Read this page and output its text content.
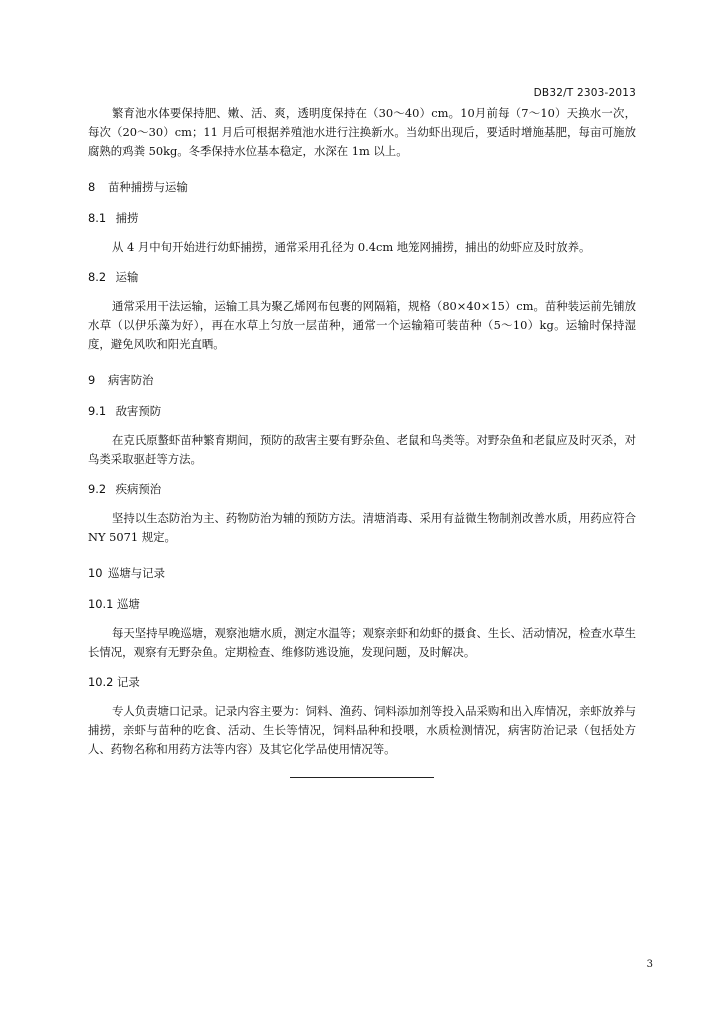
DB32/T 2303-2013

繁育池水体要保持肥、嫩、活、爽，透明度保持在（30～40）cm。10月前每（7～10）天换水一次，每次（20～30）cm；11 月后可根据养殖池水进行注换新水。当幼虾出现后，要适时增施基肥，每亩可施放腐熟的鸡粪 50kg。冬季保持水位基本稳定，水深在 1m 以上。

8 苗种捕捞与运输
8.1 捕捞

从 4 月中旬开始进行幼虾捕捞，通常采用孔径为 0.4cm 地笼网捕捞，捕出的幼虾应及时放养。

8.2 运输

通常采用干法运输，运输工具为聚乙烯网布包裹的网隔箱，规格（80×40×15）cm。苗种装运前先铺放水草（以伊乐藻为好），再在水草上匀放一层苗种，通常一个运输箱可装苗种（5～10）kg。运输时保持湿度，避免风吹和阳光直晒。

9 病害防治
9.1 敌害预防

在克氏原螯虾苗种繁育期间，预防的敌害主要有野杂鱼、老鼠和鸟类等。对野杂鱼和老鼠应及时灭杀，对鸟类采取驱赶等方法。

9.2 疾病预治

坚持以生态防治为主、药物防治为辅的预防方法。清塘消毒、采用有益微生物制剂改善水质，用药应符合 NY 5071 规定。

10 巡塘与记录
10.1 巡塘

每天坚持早晚巡塘，观察池塘水质，测定水温等；观察亲虾和幼虾的摄食、生长、活动情况，检查水草生长情况，观察有无野杂鱼。定期检查、维修防逃设施，发现问题，及时解决。

10.2 记录

专人负责塘口记录。记录内容主要为：饲料、渔药、饲料添加剂等投入品采购和出入库情况，亲虾放养与捕捞，亲虾与苗种的吃食、活动、生长等情况，饲料品种和投喂，水质检测情况，病害防治记录（包括处方人、药物名称和用药方法等内容）及其它化学品使用情况等。

3
